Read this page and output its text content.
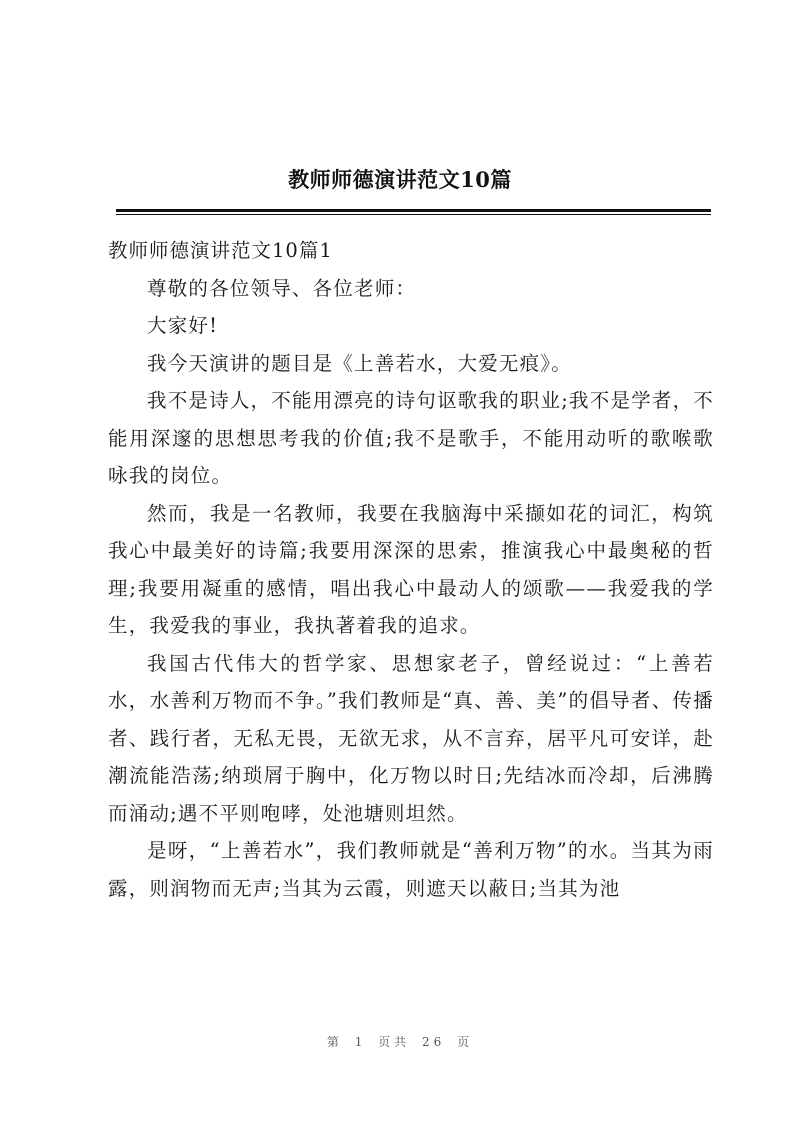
教师师德演讲范文10篇

教师师德演讲范文10篇1

尊敬的各位领导、各位老师：

大家好!

我今天演讲的题目是《上善若水，大爱无痕》。

我不是诗人，不能用漂亮的诗句讴歌我的职业;我不是学者，不能用深邃的思想思考我的价值;我不是歌手，不能用动听的歌喉歌咏我的岗位。

然而，我是一名教师，我要在我脑海中采撷如花的词汇，构筑我心中最美好的诗篇;我要用深深的思索，推演我心中最奥秘的哲理;我要用凝重的感情，唱出我心中最动人的颂歌——我爱我的学生，我爱我的事业，我执著着我的追求。

我国古代伟大的哲学家、思想家老子，曾经说过：“上善若水，水善利万物而不争。”我们教师是“真、善、美”的倡导者、传播者、践行者，无私无畏，无欲无求，从不言弃，居平凡可安详，赴潮流能浩荡;纳琐屑于胸中，化万物以时日;先结冰而冷却，后沸腾而涌动;遇不平则咆哮，处池塘则坦然。

是呀，“上善若水”，我们教师就是“善利万物”的水。当其为雨露，则润物而无声;当其为云霞，则遮天以蔽日;当其为池

第 1 页共 26 页
